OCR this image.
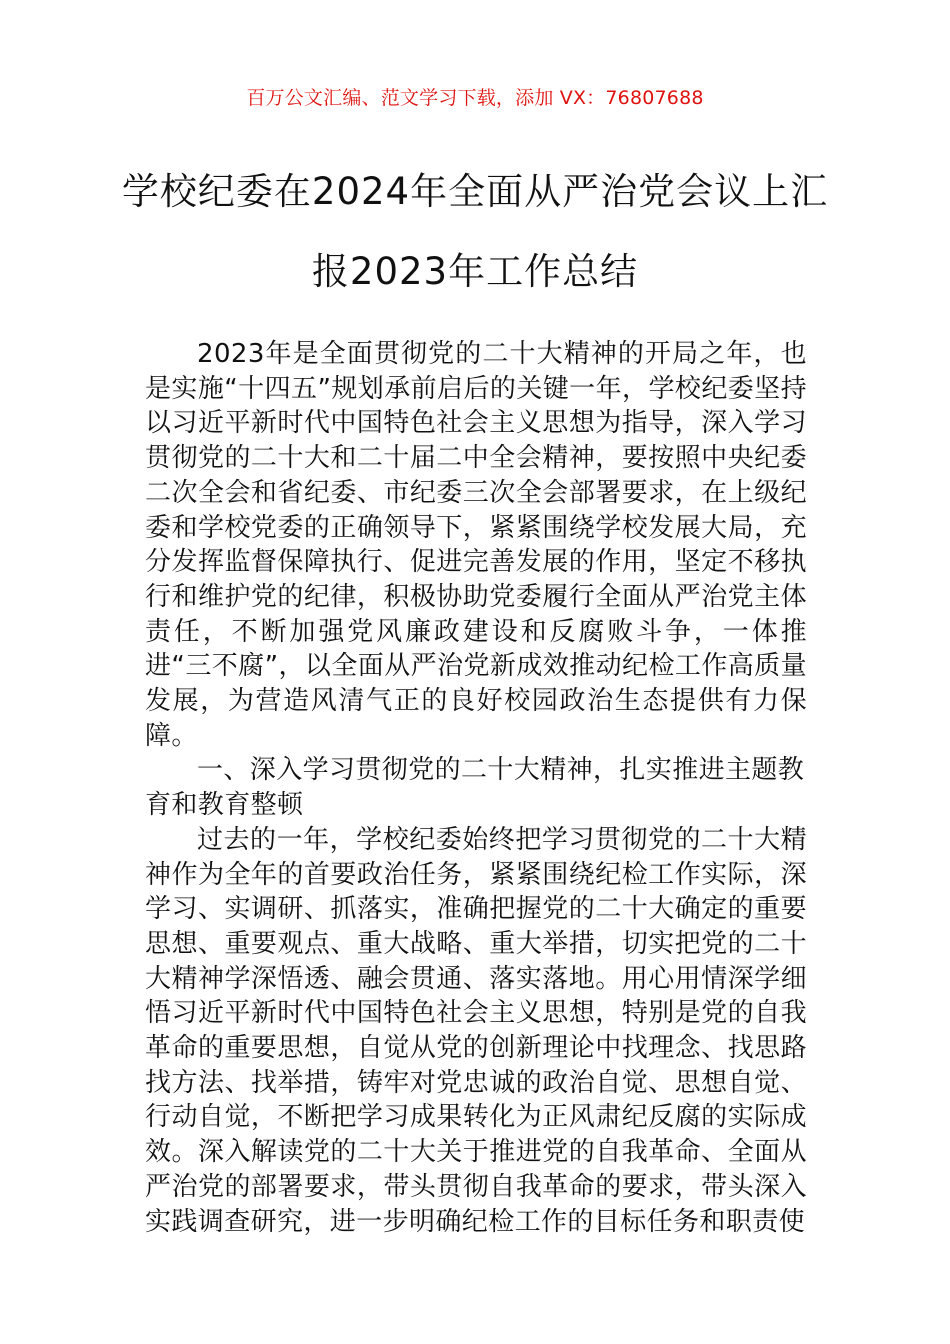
百万公文汇编、范文学习下载，添加 VX：76807688
学校纪委在2024年全面从严治党会议上汇报2023年工作总结

2023年是全面贯彻党的二十大精神的开局之年，也是实施“十四五”规划承前启后的关键一年，学校纪委坚持以习近平新时代中国特色社会主义思想为指导，深入学习贯彻党的二十大和二十届二中全会精神，要按照中央纪委二次全会和省纪委、市纪委三次全会部署要求，在上级纪委和学校党委的正确领导下，紧紧围绕学校发展大局，充分发挥监督保障执行、促进完善发展的作用，坚定不移执行和维护党的纪律，积极协助党委履行全面从严治党主体责任，不断加强党风廉政建设和反腐败斗争，一体推进“三不腐”，以全面从严治党新成效推动纪检工作高质量发展，为营造风清气正的良好校园政治生态提供有力保障。

一、深入学习贯彻党的二十大精神，扎实推进主题教育和教育整顿

过去的一年，学校纪委始终把学习贯彻党的二十大精神作为全年的首要政治任务，紧紧围绕纪检工作实际，深学习、实调研、抓落实，准确把握党的二十大确定的重要思想、重要观点、重大战略、重大举措，切实把党的二十大精神学深悟透、融会贯通、落实落地。用心用情深学细悟习近平新时代中国特色社会主义思想，特别是党的自我革命的重要思想，自觉从党的创新理论中找理念、找思路找方法、找举措，铸牢对党忠诚的政治自觉、思想自觉、行动自觉，不断把学习成果转化为正风肃纪反腐的实际成效。深入解读党的二十大关于推进党的自我革命、全面从严治党的部署要求，带头贯彻自我革命的要求，带头深入实践调查研究，进一步明确纪检工作的目标任务和职责使
